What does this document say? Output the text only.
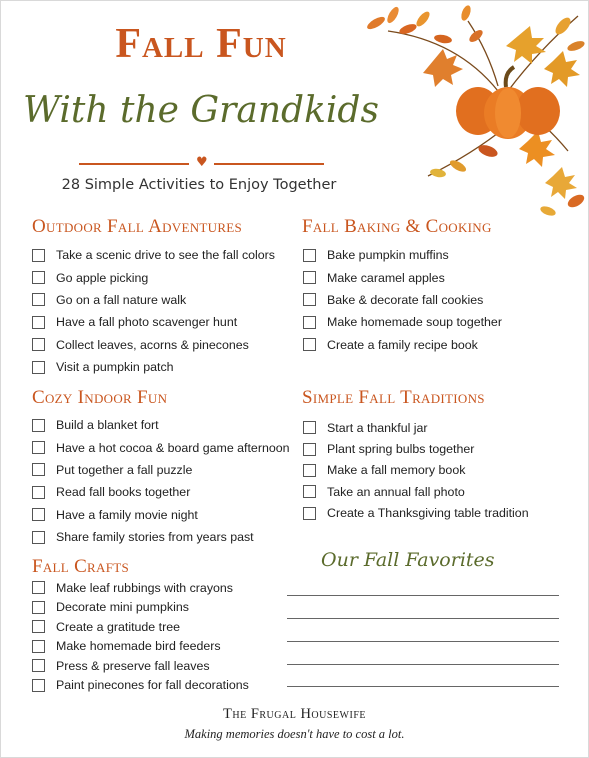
Fall Fun
With the Grandkids
♥
28 Simple Activities to Enjoy Together
Outdoor Fall Adventures
Take a scenic drive to see the fall colors
Go apple picking
Go on a fall nature walk
Have a fall photo scavenger hunt
Collect leaves, acorns & pinecones
Visit a pumpkin patch
Cozy Indoor Fun
Build a blanket fort
Have a hot cocoa & board game afternoon
Put together a fall puzzle
Read fall books together
Have a family movie night
Share family stories from years past
Fall Crafts
Make leaf rubbings with crayons
Decorate mini pumpkins
Create a gratitude tree
Make homemade bird feeders
Press & preserve fall leaves
Paint pinecones for fall decorations
Fall Baking & Cooking
Bake pumpkin muffins
Make caramel apples
Bake & decorate fall cookies
Make homemade soup together
Create a family recipe book
Simple Fall Traditions
Start a thankful jar
Plant spring bulbs together
Make a fall memory book
Take an annual fall photo
Create a Thanksgiving table tradition
Our Fall Favorites
The Frugal Housewife
Making memories doesn't have to cost a lot.
